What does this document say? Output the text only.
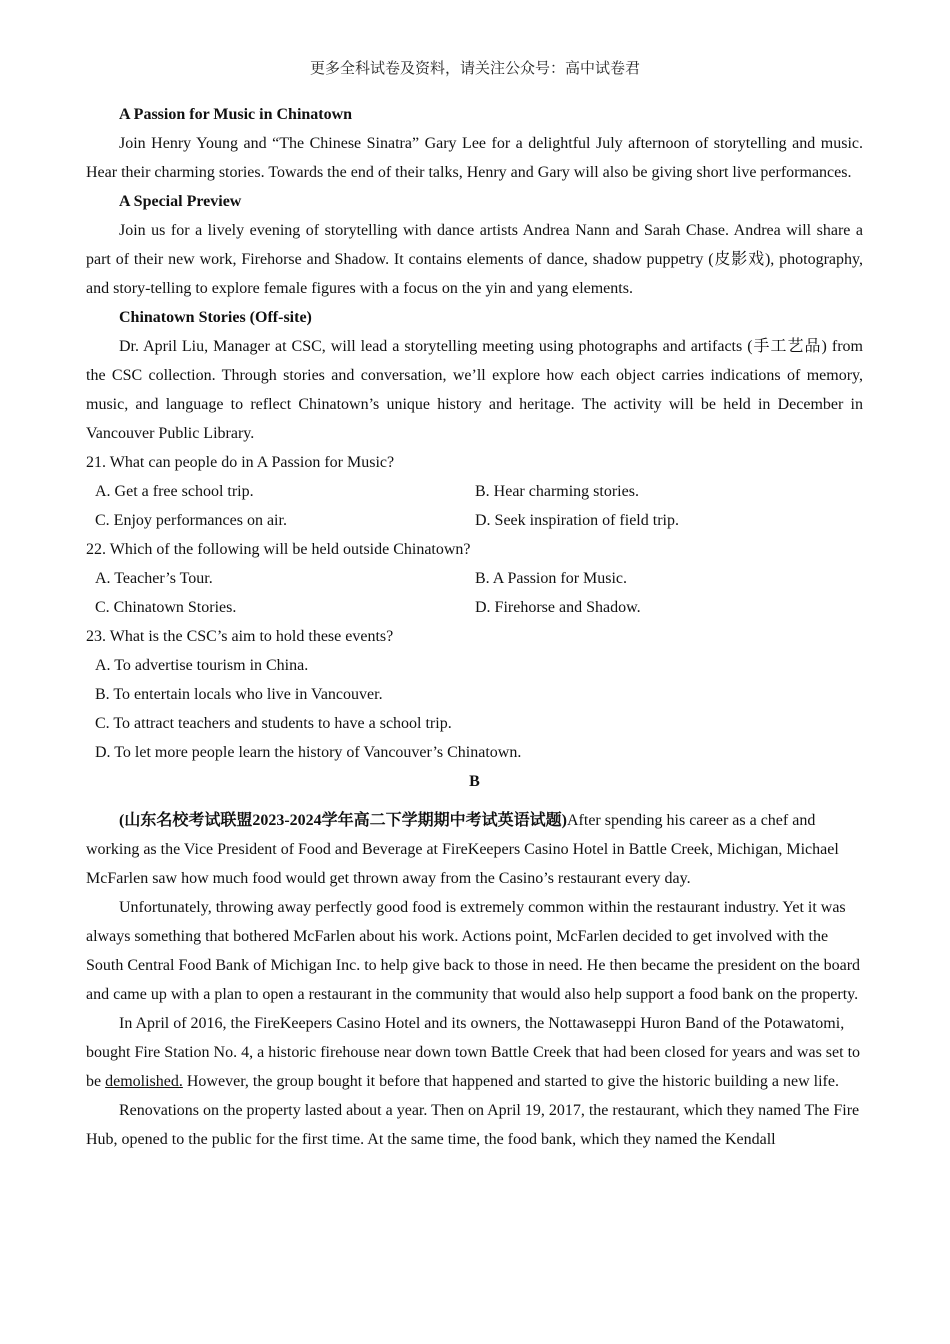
更多全科试卷及资料，请关注公众号：高中试卷君
A Passion for Music in Chinatown

Join Henry Young and “The Chinese Sinatra” Gary Lee for a delightful July afternoon of storytelling and music. Hear their charming stories. Towards the end of their talks, Henry and Gary will also be giving short live performances.

A Special Preview

Join us for a lively evening of storytelling with dance artists Andrea Nann and Sarah Chase. Andrea will share a part of their new work, Firehorse and Shadow. It contains elements of dance, shadow puppetry (皮影戏), photography, and story-telling to explore female figures with a focus on the yin and yang elements.

Chinatown Stories (Off-site)

Dr. April Liu, Manager at CSC, will lead a storytelling meeting using photographs and artifacts (手工艺品) from the CSC collection. Through stories and conversation, we’ll explore how each object carries indications of memory, music, and language to reflect Chinatown’s unique history and heritage. The activity will be held in December in Vancouver Public Library.

21. What can people do in A Passion for Music?
A. Get a free school trip.	B. Hear charming stories.
C. Enjoy performances on air.	D. Seek inspiration of field trip.
22. Which of the following will be held outside Chinatown?
A. Teacher’s Tour.	B. A Passion for Music.
C. Chinatown Stories.	D. Firehorse and Shadow.
23. What is the CSC’s aim to hold these events?
A. To advertise tourism in China.
B. To entertain locals who live in Vancouver.
C. To attract teachers and students to have a school trip.
D. To let more people learn the history of Vancouver’s Chinatown.
B

(山东名校考试联盟2023-2024学年高二下学期期中考试英语试题)After spending his career as a chef and working as the Vice President of Food and Beverage at FireKeepers Casino Hotel in Battle Creek, Michigan, Michael McFarlen saw how much food would get thrown away from the Casino’s restaurant every day.

Unfortunately, throwing away perfectly good food is extremely common within the restaurant industry. Yet it was always something that bothered McFarlen about his work. Actions point, McFarlen decided to get involved with the South Central Food Bank of Michigan Inc. to help give back to those in need. He then became the president on the board and came up with a plan to open a restaurant in the community that would also help support a food bank on the property.

In April of 2016, the FireKeepers Casino Hotel and its owners, the Nottawaseppi Huron Band of the Potawatomi, bought Fire Station No. 4, a historic firehouse near down town Battle Creek that had been closed for years and was set to be demolished. However, the group bought it before that happened and started to give the historic building a new life.

Renovations on the property lasted about a year. Then on April 19, 2017, the restaurant, which they named The Fire Hub, opened to the public for the first time. At the same time, the food bank, which they named the Kendall
